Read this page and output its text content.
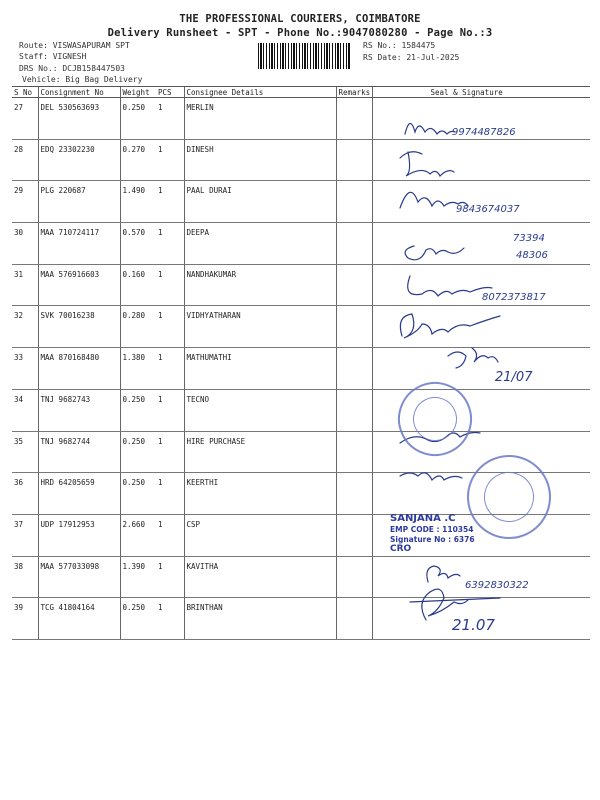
THE PROFESSIONAL COURIERS, COIMBATORE
Delivery Runsheet - SPT - Phone No.:9047080280 - Page No.:3
Route: VISWASAPURAM SPT
Staff: VIGNESH
DRS No.: DCJB158447503
Vehicle: Big Bag Delivery
RS No.: 1584475
RS Date: 21-Jul-2025
S No	Consignment No	Weight	PCS	Consignee Details	Remarks	Seal & Signature
27	DEL 530563693	0.250	1	MERLIN		
28	EDQ 23302230	0.270	1	DINESH		
29	PLG 220687	1.490	1	PAAL DURAI		
30	MAA 710724117	0.570	1	DEEPA		
31	MAA 576916603	0.160	1	NANDHAKUMAR		
32	SVK 70016238	0.280	1	VIDHYATHARAN		
33	MAA 870168480	1.380	1	MATHUMATHI		
34	TNJ 9682743	0.250	1	TECNO		
35	TNJ 9682744	0.250	1	HIRE PURCHASE		
36	HRD 64205659	0.250	1	KEERTHI		
37	UDP 17912953	2.660	1	CSP		
38	MAA 577033098	1.390	1	KAVITHA		
39	TCG 41804164	0.250	1	BRINTHAN		
9974487826
9843674037
73394
48306
8072373817
21/07
6392830322
21.07
SANJANA .C
EMP CODE : 110354
Signature No : 6376
CRO
